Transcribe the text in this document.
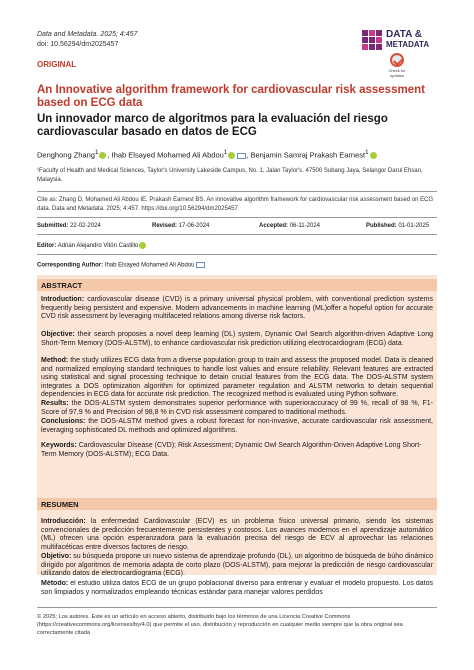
Data and Metadata. 2025; 4:457
doi: 10.56294/dm2025457
DATA &
METADATA
Check for updates
ORIGINAL
An Innovative algorithm framework for cardiovascular risk assessment based on ECG data
Un innovador marco de algoritmos para la evaluación del riesgo cardiovascular basado en datos de ECG
Denghong Zhang$^1$ , Ihab Elsayed Mohamed Ali Abdou$^1$	, Benjamin Samraj Prakash Earnest$^1$
¹Faculty of Health and Medical Sciences, Taylor's University Lakeside Campus, No. 1, Jalan Taylor's. 47500 Subang Jaya, Selangor Darul Ehsan, Malaysia.
Cite as: Zhang D, Mohamed Ali Abdou IE, Prakash Earnest BS. An innovative algorithm framework for cardiovascular risk assessment based on ECG data. Data and Metadata. 2025; 4:457. https://doi.org/10.56294/dm2025457
Submitted: 22-02-2024	Revised: 17-06-2024	Accepted: 06-11-2024	Published: 01-01-2025
Editor: Adrián Alejandro Vitón Castillo
Corresponding Author: Ihab Elsayed Mohamed Ali Abdou
ABSTRACT
Introduction: cardiovascular disease (CVD) is a primary universal physical problem, with conventional prediction systems frequently being persistent and expensive. Modern advancements in machine learning (ML)offer a hopeful option for accurate CVD risk assessment by leveraging multifaceted relations among diverse risk factors.
Objective: their search proposes a novel deep learning (DL) system, Dynamic Owl Search algorithm-driven Adaptive Long Short-Term Memory (DOS-ALSTM), to enhance cardiovascular risk prediction utilizing electrocardiogram (ECG) data.
Method: the study utilizes ECG data from a diverse population group to train and assess the proposed model. Data is cleaned and normalized employing standard techniques to handle lost values and ensure reliability. Relevant features are extracted using statistical and signal processing technique to detain crucial features from the ECG data. The DOS-ALSTM system integrates a DOS optimization algorithm for optimized parameter regulation and ALSTM networks to detain sequential dependencies in ECG data for accurate risk prediction. The recognized method is evaluated using Python software.
Results: the DOS-ALSTM system demonstrates superior performance with superioraccuracy of 99 %, recall of 98 %, F1-Score of 97,9 % and Precision of 98,8 % in CVD risk assessment compared to traditional methods.
Conclusions: the DOS-ALSTM method gives a robust forecast for non-invasive, accurate cardiovascular risk assessment, leveraging sophisticated DL methods and optimized algorithms.
Keywords: Cardiovascular Disease (CVD); Risk Assessment; Dynamic Owl Search Algorithm-Driven Adaptive Long Short-Term Memory (DOS-ALSTM); ECG Data.
RESUMEN
Introducción: la enfermedad Cardiovascular (ECV) es un problema físico universal primario, siendo los sistemas convencionales de predicción frecuentemente persistentes y costosos. Los avances modernos en el aprendizaje automático (ML) ofrecen una opción esperanzadora para la evaluación precisa del riesgo de ECV al aprovechar las relaciones multifacéticas entre diversos factores de riesgo.
Objetivo: su búsqueda propone un nuevo sistema de aprendizaje profundo (DL), un algoritmo de búsqueda de búho dinámico dirigido por algoritmos de memoria adapta de corto plazo (DOS-ALSTM), para mejorar la predicción de riesgo cardiovascular utilizando datos de electrocardiograma (ECG).
Método: el estudio utiliza datos ECG de un grupo poblacional diverso para entrenar y evaluar el modelo propuesto. Los datos son limpiados y normalizados empleando técnicas estándar para manejar valores perdidos
© 2025; Los autores. Este es un artículo en acceso abierto, distribuido bajo los términos de una Licencia Creative Commons (https://creativecommons.org/licenses/by/4.0) que permite el uso, distribución y reproducción en cualquier medio siempre que la obra original sea correctamente citada
